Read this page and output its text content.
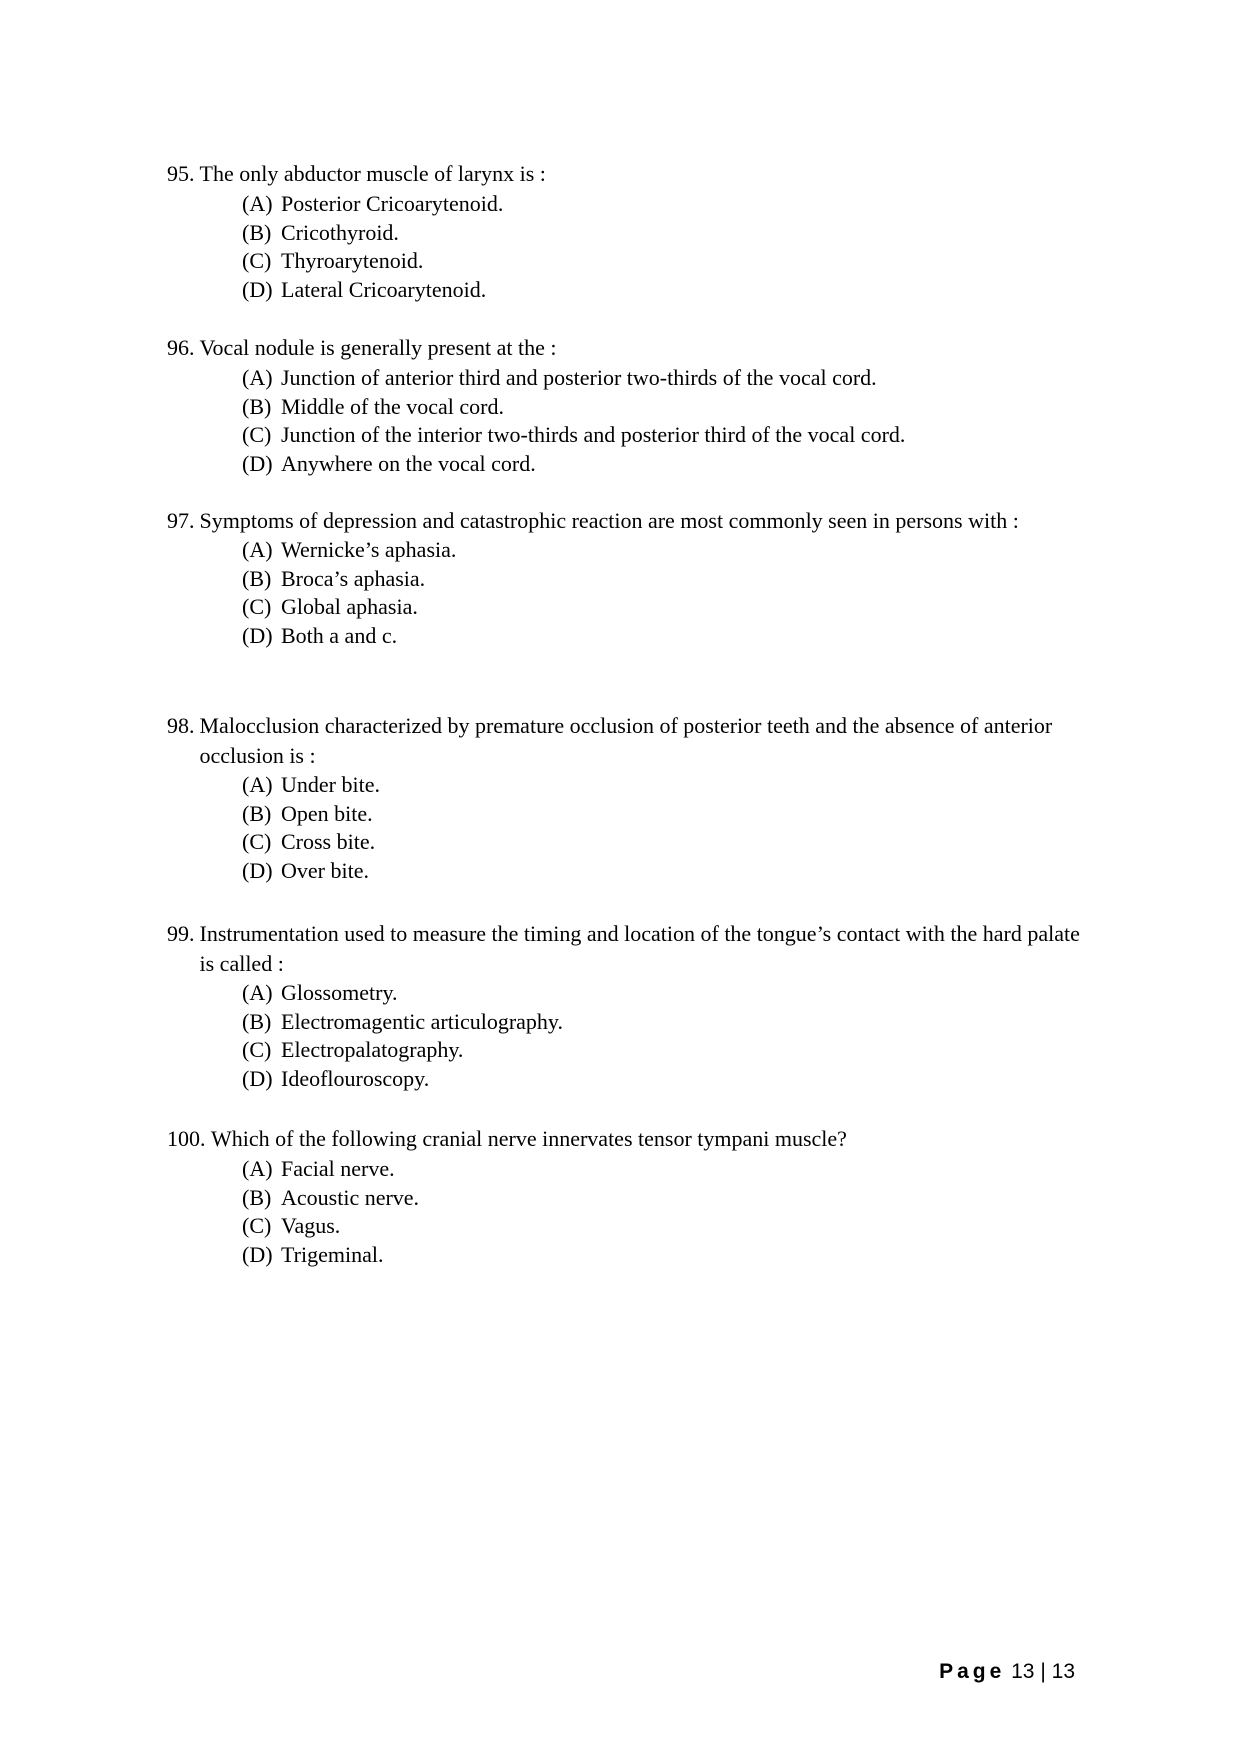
95. The only abductor muscle of larynx is :
(A) Posterior Cricoarytenoid.
(B) Cricothyroid.
(C) Thyroarytenoid.
(D) Lateral Cricoarytenoid.
96. Vocal nodule is generally present at the :
(A) Junction of anterior third and posterior two-thirds of the vocal cord.
(B) Middle of the vocal cord.
(C) Junction of the interior two-thirds and posterior third of the vocal cord.
(D) Anywhere on the vocal cord.
97. Symptoms of depression and catastrophic reaction are most commonly seen in persons with :
(A) Wernicke’s aphasia.
(B) Broca’s aphasia.
(C) Global aphasia.
(D) Both a and c.
98. Malocclusion characterized by premature occlusion of posterior teeth and the absence of anterior occlusion is :
(A) Under bite.
(B) Open bite.
(C) Cross bite.
(D) Over bite.
99. Instrumentation used to measure the timing and location of the tongue’s contact with the hard palate is called :
(A) Glossometry.
(B) Electromagentic articulography.
(C) Electropalatography.
(D) Ideoflouroscopy.
100. Which of the following cranial nerve innervates tensor tympani muscle?
(A) Facial nerve.
(B) Acoustic nerve.
(C) Vagus.
(D) Trigeminal.
Page 13 | 13
